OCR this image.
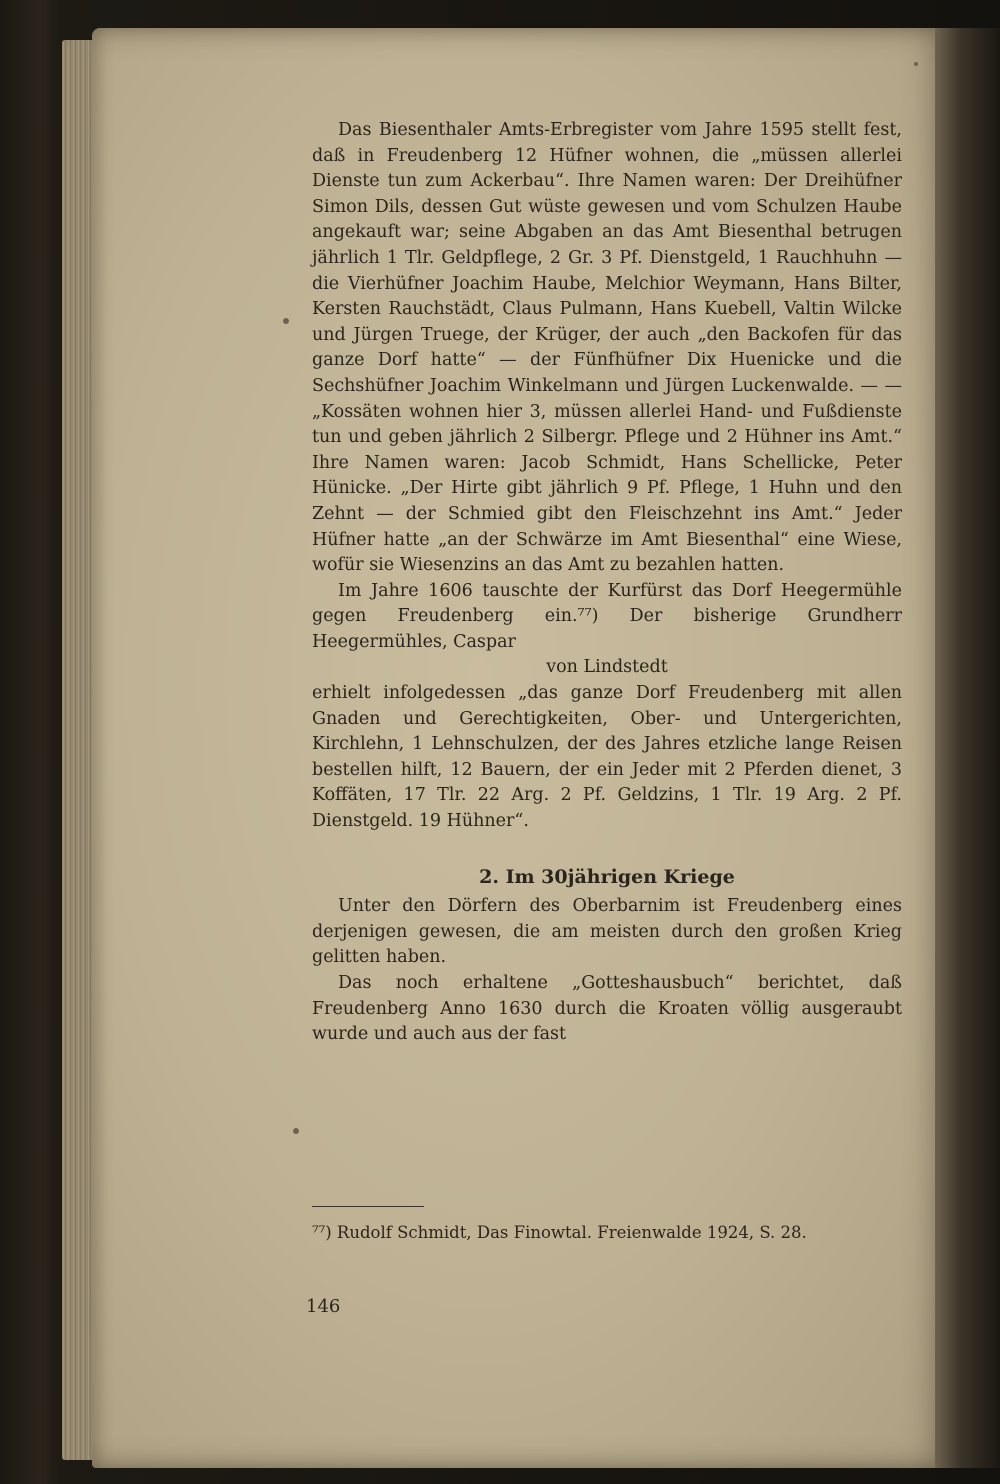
Das Biesenthaler Amts-Erbregister vom Jahre 1595 stellt fest, daß in Freudenberg 12 Hüfner wohnen, die „müssen allerlei Dienste tun zum Ackerbau“. Ihre Namen waren: Der Dreihüfner Simon Dils, dessen Gut wüste gewesen und vom Schulzen Haube angekauft war; seine Abgaben an das Amt Biesenthal betrugen jährlich 1 Tlr. Geldpflege, 2 Gr. 3 Pf. Dienstgeld, 1 Rauchhuhn — die Vierhüfner Joachim Haube, Melchior Weymann, Hans Bilter, Kersten Rauchstädt, Claus Pulmann, Hans Kuebell, Valtin Wilcke und Jürgen Truege, der Krüger, der auch „den Backofen für das ganze Dorf hatte“ — der Fünfhüfner Dix Huenicke und die Sechshüfner Joachim Winkelmann und Jürgen Luckenwalde. — — „Kossäten wohnen hier 3, müssen allerlei Hand- und Fußdienste tun und geben jährlich 2 Silbergr. Pflege und 2 Hühner ins Amt.“ Ihre Namen waren: Jacob Schmidt, Hans Schellicke, Peter Hünicke. „Der Hirte gibt jährlich 9 Pf. Pflege, 1 Huhn und den Zehnt — der Schmied gibt den Fleischzehnt ins Amt.“ Jeder Hüfner hatte „an der Schwärze im Amt Biesenthal“ eine Wiese, wofür sie Wiesenzins an das Amt zu bezahlen hatten.

Im Jahre 1606 tauschte der Kurfürst das Dorf Heegermühle gegen Freudenberg ein.⁷⁷) Der bisherige Grundherr Heegermühles, Caspar

von Lindstedt

erhielt infolgedessen „das ganze Dorf Freudenberg mit allen Gnaden und Gerechtigkeiten, Ober- und Untergerichten, Kirchlehn, 1 Lehnschulzen, der des Jahres etzliche lange Reisen bestellen hilft, 12 Bauern, der ein Jeder mit 2 Pferden dienet, 3 Koffäten, 17 Tlr. 22 Arg. 2 Pf. Geldzins, 1 Tlr. 19 Arg. 2 Pf. Dienstgeld. 19 Hühner“.

2. Im 30jährigen Kriege

Unter den Dörfern des Oberbarnim ist Freudenberg eines derjenigen gewesen, die am meisten durch den großen Krieg gelitten haben.

Das noch erhaltene „Gotteshausbuch“ berichtet, daß Freudenberg Anno 1630 durch die Kroaten völlig ausgeraubt wurde und auch aus der fast

⁷⁷) Rudolf Schmidt, Das Finowtal. Freienwalde 1924, S. 28.
146
